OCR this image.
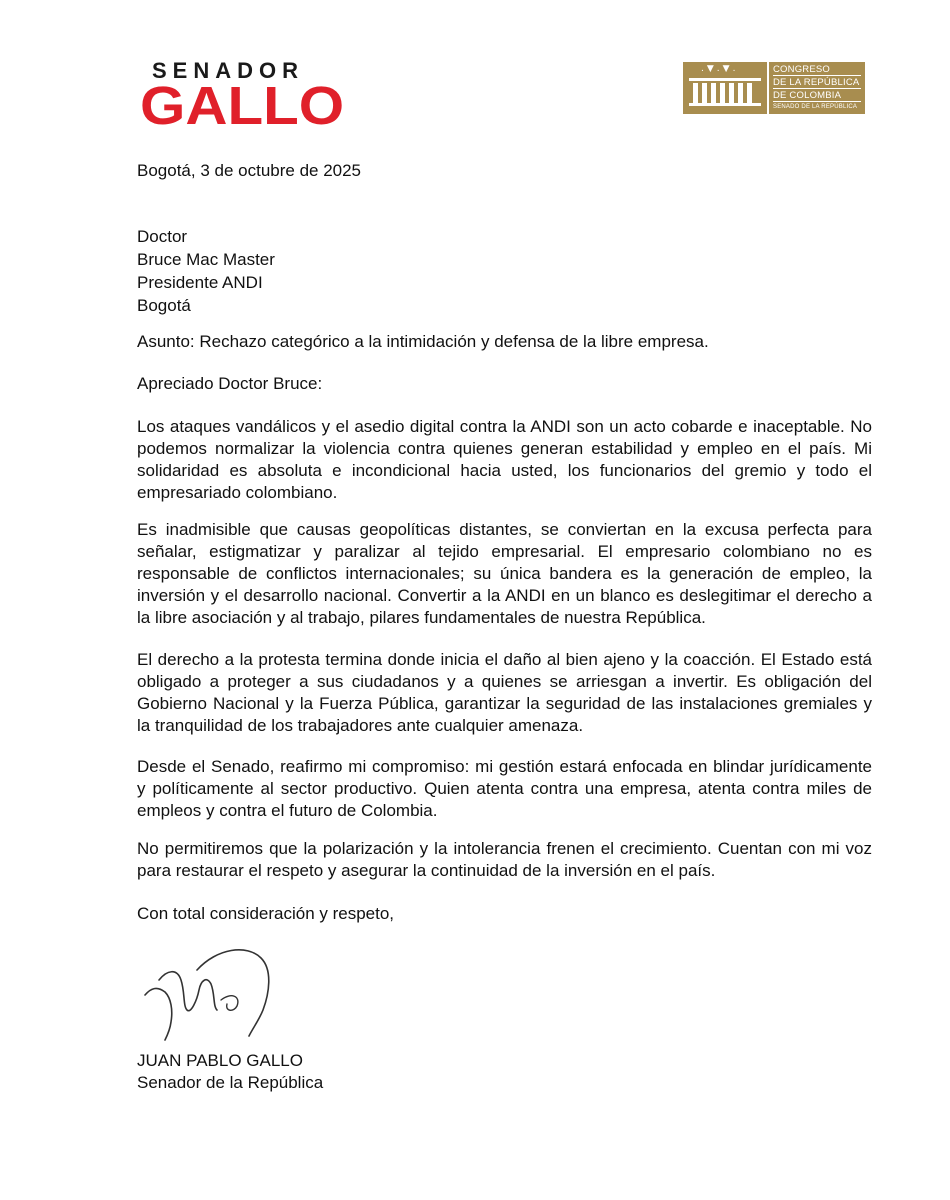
SENADOR

GALLO

.▼.▼.	CONGRESO
DE LA REPÚBLICA
DE COLOMBIA
SENADO DE LA REPÚBLICA

Bogotá, 3 de octubre de 2025

Doctor
Bruce Mac Master
Presidente ANDI
Bogotá

Asunto: Rechazo categórico a la intimidación y defensa de la libre empresa.

Apreciado Doctor Bruce:

Los ataques vandálicos y el asedio digital contra la ANDI son un acto cobarde e inaceptable. No podemos normalizar la violencia contra quienes generan estabilidad y empleo en el país. Mi solidaridad es absoluta e incondicional hacia usted, los funcionarios del gremio y todo el empresariado colombiano.

Es inadmisible que causas geopolíticas distantes, se conviertan en la excusa perfecta para señalar, estigmatizar y paralizar al tejido empresarial. El empresario colombiano no es responsable de conflictos internacionales; su única bandera es la generación de empleo, la inversión y el desarrollo nacional. Convertir a la ANDI en un blanco es deslegitimar el derecho a la libre asociación y al trabajo, pilares fundamentales de nuestra República.

El derecho a la protesta termina donde inicia el daño al bien ajeno y la coacción. El Estado está obligado a proteger a sus ciudadanos y a quienes se arriesgan a invertir. Es obligación del Gobierno Nacional y la Fuerza Pública, garantizar la seguridad de las instalaciones gremiales y la tranquilidad de los trabajadores ante cualquier amenaza.

Desde el Senado, reafirmo mi compromiso: mi gestión estará enfocada en blindar jurídicamente y políticamente al sector productivo. Quien atenta contra una empresa, atenta contra miles de empleos y contra el futuro de Colombia.

No permitiremos que la polarización y la intolerancia frenen el crecimiento. Cuentan con mi voz para restaurar el respeto y asegurar la continuidad de la inversión en el país.

Con total consideración y respeto,

JUAN PABLO GALLO

Senador de la República
